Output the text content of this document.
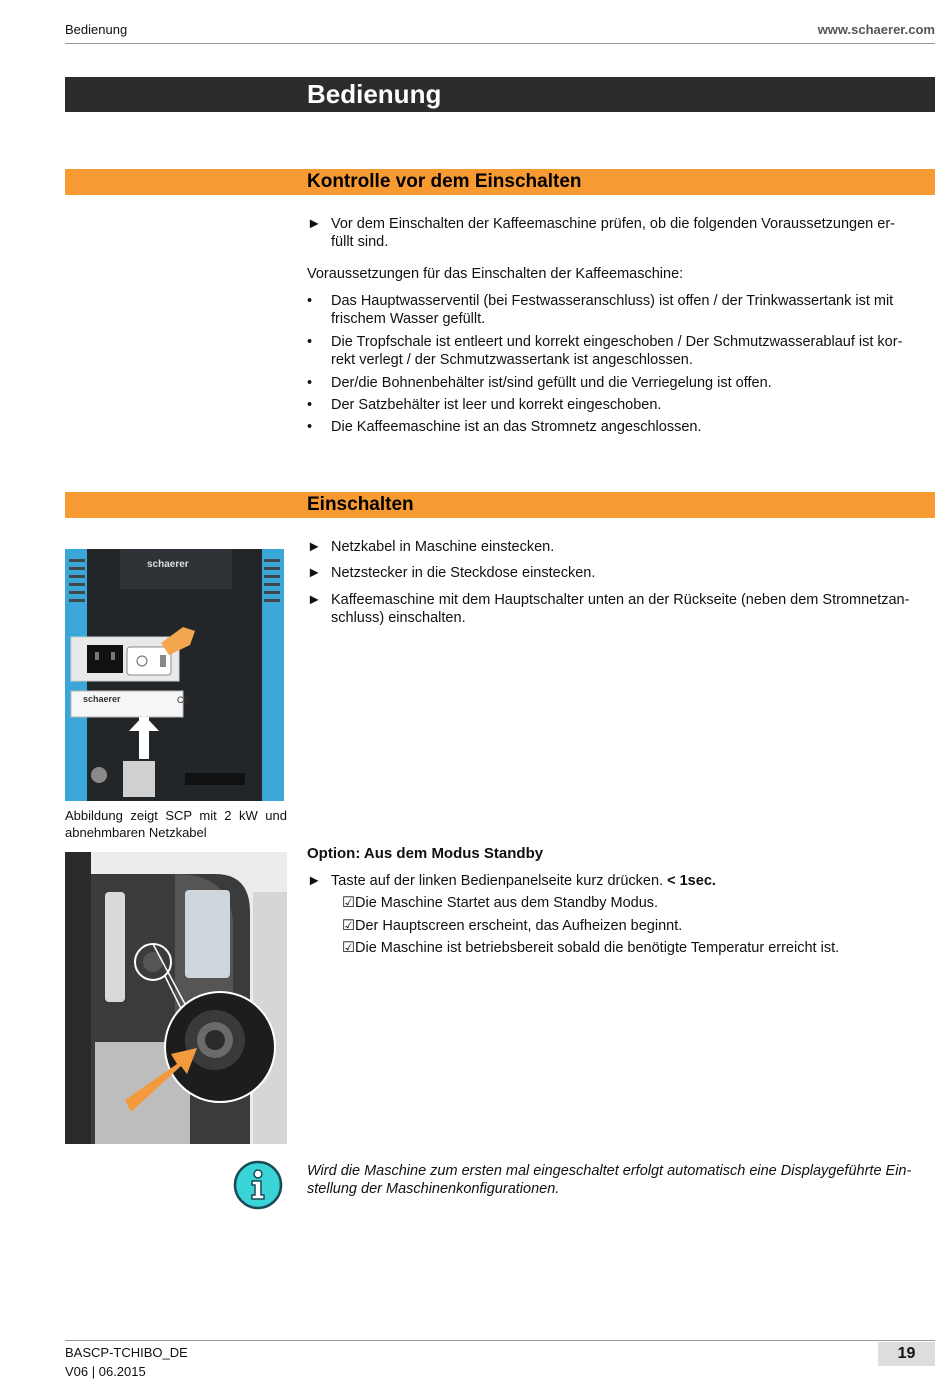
Bedienung	www.schaerer.com
Bedienung
Kontrolle vor dem Einschalten
► Vor dem Einschalten der Kaffeemaschine prüfen, ob die folgenden Voraussetzungen er-
füllt sind.
Voraussetzungen für das Einschalten der Kaffeemaschine:
• Das Hauptwasserventil (bei Festwasseranschluss) ist offen / der Trinkwassertank ist mit
frischem Wasser gefüllt.
• Die Tropfschale ist entleert und korrekt eingeschoben / Der Schmutzwasserablauf ist kor-
rekt verlegt / der Schmutzwassertank ist angeschlossen.
• Der/die Bohnenbehälter ist/sind gefüllt und die Verriegelung ist offen.
• Der Satzbehälter ist leer und korrekt eingeschoben.
• Die Kaffeemaschine ist an das Stromnetz angeschlossen.
Einschalten
► Netzkabel in Maschine einstecken.
► Netzstecker in die Steckdose einstecken.
► Kaffeemaschine mit dem Hauptschalter unten an der Rückseite (neben dem Stromnetzan-
schluss) einschalten.
schaerer
schaerer	CE
Abbildung zeigt SCP mit 2 kW und
abnehmbaren Netzkabel
Option: Aus dem Modus Standby
► Taste auf der linken Bedienpanelseite kurz drücken. < 1sec.
☑Die Maschine Startet aus dem Standby Modus.
☑Der Hauptscreen erscheint, das Aufheizen beginnt.
☑Die Maschine ist betriebsbereit sobald die benötigte Temperatur erreicht ist.
Wird die Maschine zum ersten mal eingeschaltet erfolgt automatisch eine Displaygeführte Ein-
stellung der Maschinenkonfigurationen.
BASCP-TCHIBO_DE
V06 | 06.2015
19
